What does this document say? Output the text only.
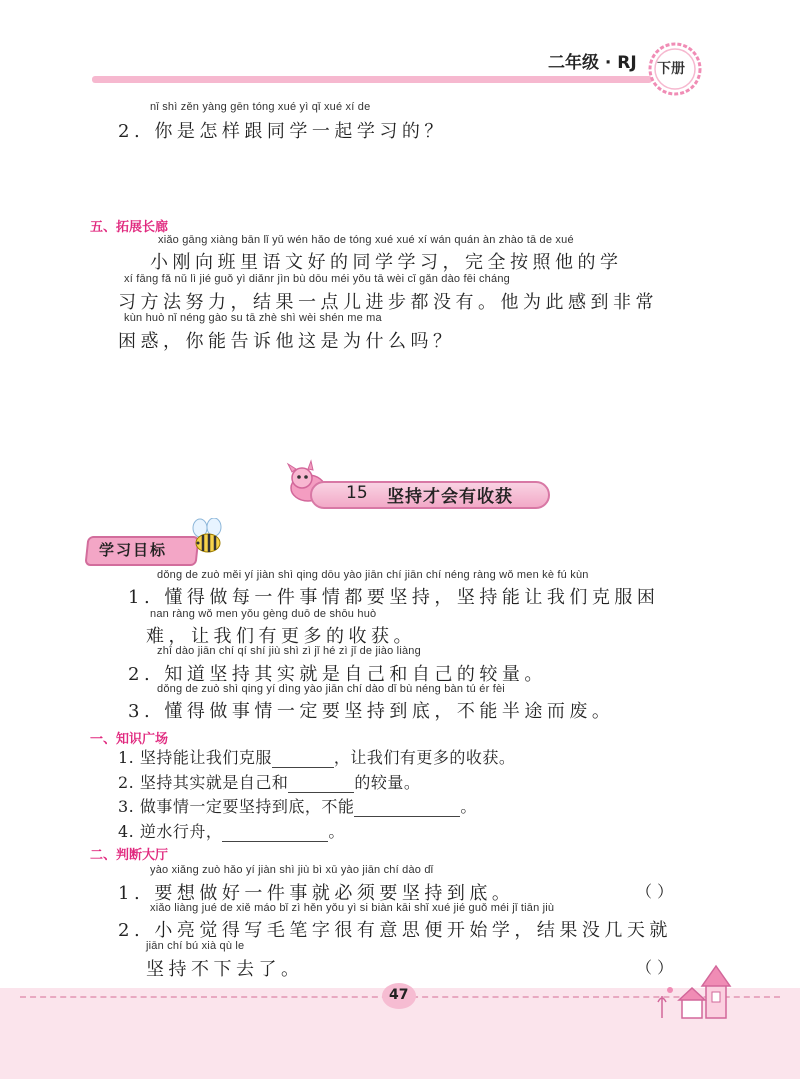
二年级 · RJ 下册
nǐ shì zěn yàng gēn tóng xué yì qǐ xué xí de
2. 你是怎样跟同学一起学习的？
五、拓展长廊
xiǎo gāng xiàng bān lǐ yǔ wén hǎo de tóng xué xué xí wán quán àn zhào tā de xué
小刚向班里语文好的同学学习，完全按照他的学
xí fāng fǎ nǔ lì jié guǒ yì diǎnr jìn bù dōu méi yǒu tā wèi cǐ gǎn dào fēi cháng
习方法努力，结果一点儿进步都没有。他为此感到非常
kùn huò nǐ néng gào su tā zhè shì wèi shén me ma
困惑，你能告诉他这是为什么吗？
15 坚持才会有收获
学习目标
dǒng de zuò měi yí jiàn shì qing dōu yào jiān chí jiān chí néng ràng wǒ men kè fú kùn
1. 懂得做每一件事情都要坚持，坚持能让我们克服困
nan ràng wǒ men yǒu gèng duō de shōu huò
难，让我们有更多的收获。
zhī dào jiān chí qí shí jiù shì zì jǐ hé zì jǐ de jiào liàng
2. 知道坚持其实就是自己和自己的较量。
dǒng de zuò shì qing yí dìng yào jiān chí dào dǐ bù néng bàn tú ér fèi
3. 懂得做事情一定要坚持到底，不能半途而废。
一、知识广场
1. 坚持能让我们克服	，让我们有更多的收获。
2. 坚持其实就是自己和	的较量。
3. 做事情一定要坚持到底，不能	。
4. 逆水行舟，	。
二、判断大厅
yào xiǎng zuò hǎo yí jiàn shì jiù bì xū yào jiān chí dào dǐ
1. 要想做好一件事就必须要坚持到底。	（ ）
xiǎo liàng jué de xiě máo bǐ zì hěn yǒu yì si biàn kāi shǐ xué jié guǒ méi jǐ tiān jiù
2. 小亮觉得写毛笔字很有意思便开始学，结果没几天就
jiān chí bú xià qù le
坚持不下去了。	（ ）
47
